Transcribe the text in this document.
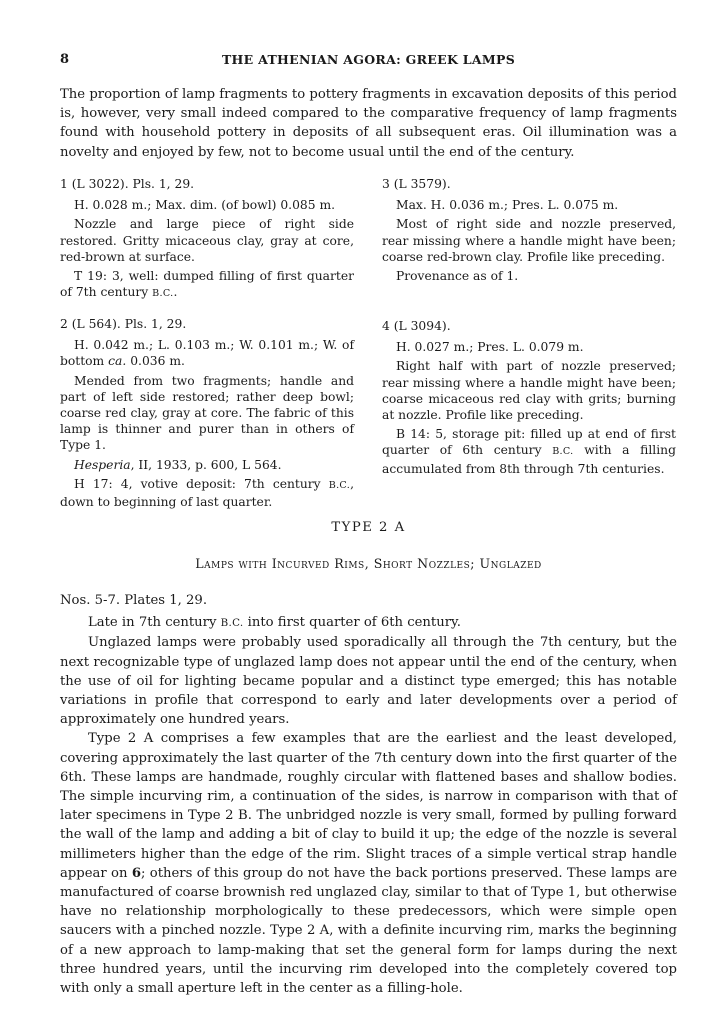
8	THE ATHENIAN AGORA: GREEK LAMPS

The proportion of lamp fragments to pottery fragments in excavation deposits of this period is, however, very small indeed compared to the comparative frequency of lamp fragments found with household pottery in deposits of all subsequent eras. Oil illumination was a novelty and enjoyed by few, not to become usual until the end of the century.

1 (L 3022). Pls. 1, 29.

H. 0.028 m.; Max. dim. (of bowl) 0.085 m.

Nozzle and large piece of right side restored. Gritty micaceous clay, gray at core, red-brown at surface.

T 19: 3, well: dumped filling of first quarter of 7th century B.C..

2 (L 564). Pls. 1, 29.

H. 0.042 m.; L. 0.103 m.; W. 0.101 m.; W. of bottom ca. 0.036 m.

Mended from two fragments; handle and part of left side restored; rather deep bowl; coarse red clay, gray at core. The fabric of this lamp is thinner and purer than in others of Type 1.

Hesperia, II, 1933, p. 600, L 564.

H 17: 4, votive deposit: 7th century B.C., down to beginning of last quarter.

3 (L 3579).

Max. H. 0.036 m.; Pres. L. 0.075 m.

Most of right side and nozzle preserved, rear missing where a handle might have been; coarse red-brown clay. Profile like preceding.

Provenance as of 1.

4 (L 3094).

H. 0.027 m.; Pres. L. 0.079 m.

Right half with part of nozzle preserved; rear missing where a handle might have been; coarse micaceous red clay with grits; burning at nozzle. Profile like preceding.

B 14: 5, storage pit: filled up at end of first quarter of 6th century B.C. with a filling accumulated from 8th through 7th centuries.

TYPE 2 A
Lamps with Incurved Rims, Short Nozzles; Unglazed

Nos. 5-7. Plates 1, 29.

Late in 7th century B.C. into first quarter of 6th century.

Unglazed lamps were probably used sporadically all through the 7th century, but the next recognizable type of unglazed lamp does not appear until the end of the century, when the use of oil for lighting became popular and a distinct type emerged; this has notable variations in profile that correspond to early and later developments over a period of approximately one hundred years.

Type 2 A comprises a few examples that are the earliest and the least developed, covering approximately the last quarter of the 7th century down into the first quarter of the 6th. These lamps are handmade, roughly circular with flattened bases and shallow bodies. The simple incurving rim, a continuation of the sides, is narrow in comparison with that of later specimens in Type 2 B. The unbridged nozzle is very small, formed by pulling forward the wall of the lamp and adding a bit of clay to build it up; the edge of the nozzle is several millimeters higher than the edge of the rim. Slight traces of a simple vertical strap handle appear on 6; others of this group do not have the back portions preserved. These lamps are manufactured of coarse brownish red unglazed clay, similar to that of Type 1, but otherwise have no relationship morphologically to these predecessors, which were simple open saucers with a pinched nozzle. Type 2 A, with a definite incurving rim, marks the beginning of a new approach to lamp-making that set the general form for lamps during the next three hundred years, until the incurving rim developed into the completely covered top with only a small aperture left in the center as a filling-hole.
